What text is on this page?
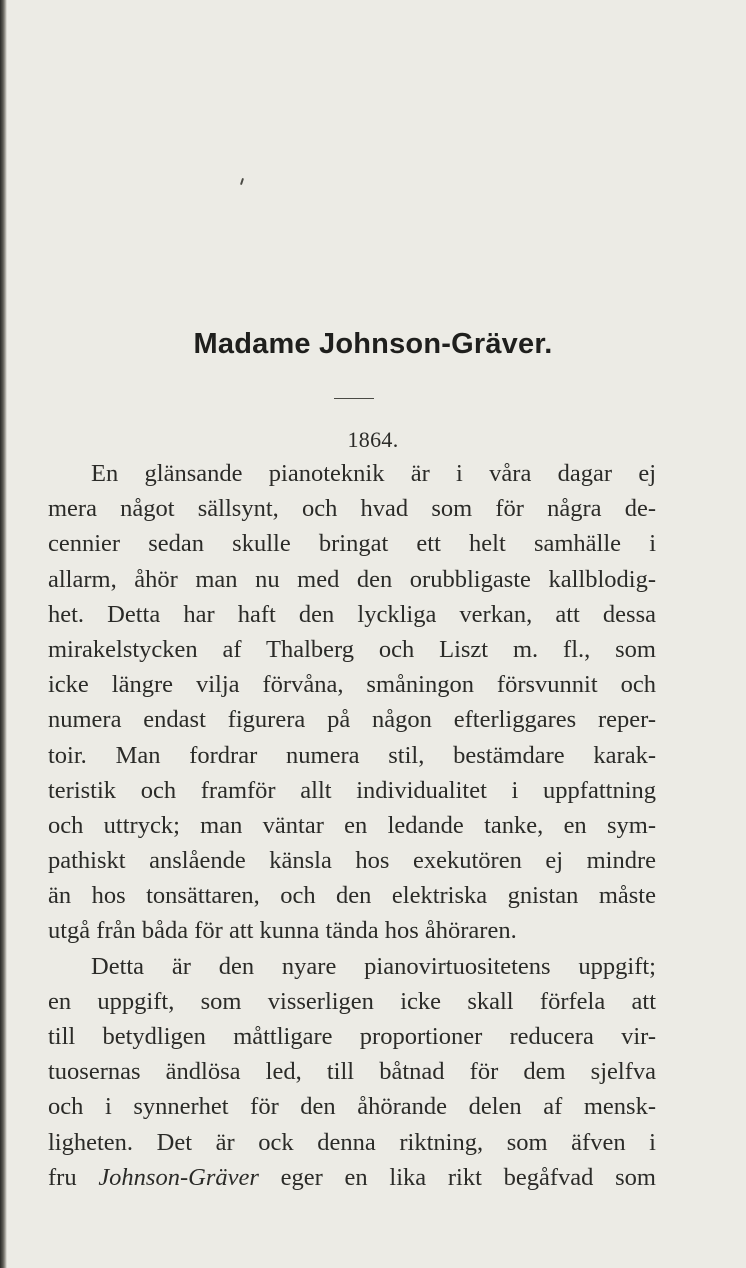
Madame Johnson-Gräver.
1864.
En glänsande pianoteknik är i våra dagar ej
mera något sällsynt, och hvad som för några de-
cennier sedan skulle bringat ett helt samhälle i
allarm, åhör man nu med den orubbligaste kallblodig-
het. Detta har haft den lyckliga verkan, att dessa
mirakelstycken af Thalberg och Liszt m. fl., som
icke längre vilja förvåna, småningon försvunnit och
numera endast figurera på någon efterliggares reper-
toir. Man fordrar numera stil, bestämdare karak-
teristik och framför allt individualitet i uppfattning
och uttryck; man väntar en ledande tanke, en sym-
pathiskt anslående känsla hos exekutören ej mindre
än hos tonsättaren, och den elektriska gnistan måste
utgå från båda för att kunna tända hos åhöraren.
Detta är den nyare pianovirtuositetens uppgift;
en uppgift, som visserligen icke skall förfela att
till betydligen måttligare proportioner reducera vir-
tuosernas ändlösa led, till båtnad för dem sjelfva
och i synnerhet för den åhörande delen af mensk-
ligheten. Det är ock denna riktning, som äfven i
fru Johnson-Gräver eger en lika rikt begåfvad som
